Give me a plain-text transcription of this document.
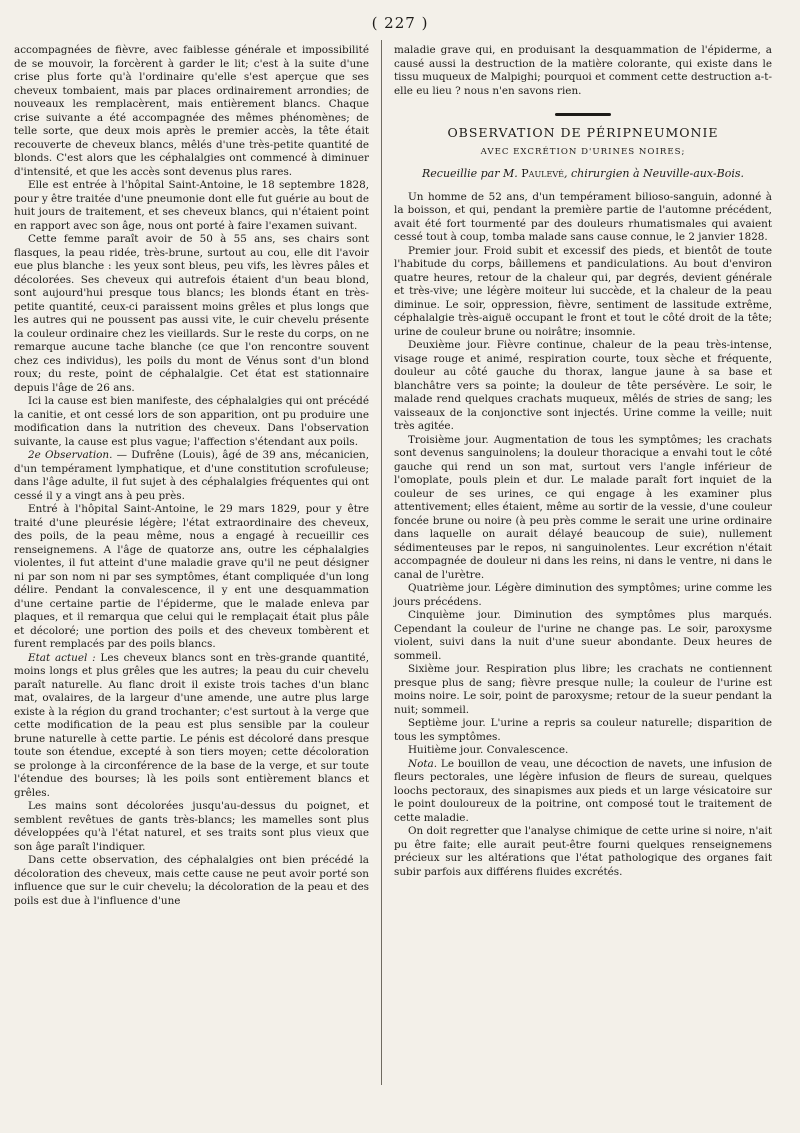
( 227 )

accompagnées de fièvre, avec faiblesse générale et impossibilité de se mouvoir, la forcèrent à garder le lit; c'est à la suite d'une crise plus forte qu'à l'ordinaire qu'elle s'est aperçue que ses cheveux tombaient, mais par places ordinairement arrondies; de nouveaux les remplacèrent, mais entièrement blancs. Chaque crise suivante a été accompagnée des mêmes phénomènes; de telle sorte, que deux mois après le premier accès, la tête était recouverte de cheveux blancs, mêlés d'une très-petite quantité de blonds. C'est alors que les céphalalgies ont commencé à diminuer d'intensité, et que les accès sont devenus plus rares.

Elle est entrée à l'hôpital Saint-Antoine, le 18 septembre 1828, pour y être traitée d'une pneumonie dont elle fut guérie au bout de huit jours de traitement, et ses cheveux blancs, qui n'étaient point en rapport avec son âge, nous ont porté à faire l'examen suivant.

Cette femme paraît avoir de 50 à 55 ans, ses chairs sont flasques, la peau ridée, très-brune, surtout au cou, elle dit l'avoir eue plus blanche : les yeux sont bleus, peu vifs, les lèvres pâles et décolorées. Ses cheveux qui autrefois étaient d'un beau blond, sont aujourd'hui presque tous blancs; les blonds étant en très-petite quantité, ceux-ci paraissent moins grêles et plus longs que les autres qui ne poussent pas aussi vite, le cuir chevelu présente la couleur ordinaire chez les vieillards. Sur le reste du corps, on ne remarque aucune tache blanche (ce que l'on rencontre souvent chez ces individus), les poils du mont de Vénus sont d'un blond roux; du reste, point de céphalalgie. Cet état est stationnaire depuis l'âge de 26 ans.

Ici la cause est bien manifeste, des céphalalgies qui ont précédé la canitie, et ont cessé lors de son apparition, ont pu produire une modification dans la nutrition des cheveux. Dans l'observation suivante, la cause est plus vague; l'affection s'étendant aux poils.

2e Observation. — Dufrêne (Louis), âgé de 39 ans, mécanicien, d'un tempérament lymphatique, et d'une constitution scrofuleuse; dans l'âge adulte, il fut sujet à des céphalalgies fréquentes qui ont cessé il y a vingt ans à peu près.

Entré à l'hôpital Saint-Antoine, le 29 mars 1829, pour y être traité d'une pleurésie légère; l'état extraordinaire des cheveux, des poils, de la peau même, nous a engagé à recueillir ces renseignemens. A l'âge de quatorze ans, outre les céphalalgies violentes, il fut atteint d'une maladie grave qu'il ne peut désigner ni par son nom ni par ses symptômes, étant compliquée d'un long délire. Pendant la convalescence, il y ent une desquammation d'une certaine partie de l'épiderme, que le malade enleva par plaques, et il remarqua que celui qui le remplaçait était plus pâle et décoloré; une portion des poils et des cheveux tombèrent et furent remplacés par des poils blancs.

Etat actuel : Les cheveux blancs sont en très-grande quantité, moins longs et plus grêles que les autres; la peau du cuir chevelu paraît naturelle. Au flanc droit il existe trois taches d'un blanc mat, ovalaires, de la largeur d'une amende, une autre plus large existe à la région du grand trochanter; c'est surtout à la verge que cette modification de la peau est plus sensible par la couleur brune naturelle à cette partie. Le pénis est décoloré dans presque toute son étendue, excepté à son tiers moyen; cette décoloration se prolonge à la circonférence de la base de la verge, et sur toute l'étendue des bourses; là les poils sont entièrement blancs et grêles.

Les mains sont décolorées jusqu'au-dessus du poignet, et semblent revêtues de gants très-blancs; les mamelles sont plus développées qu'à l'état naturel, et ses traits sont plus vieux que son âge paraît l'indiquer.

Dans cette observation, des céphalalgies ont bien précédé la décoloration des cheveux, mais cette cause ne peut avoir porté son influence que sur le cuir chevelu; la décoloration de la peau et des poils est due à l'influence d'une

maladie grave qui, en produisant la desquammation de l'épiderme, a causé aussi la destruction de la matière colorante, qui existe dans le tissu muqueux de Malpighi; pourquoi et comment cette destruction a-t-elle eu lieu ? nous n'en savons rien.

OBSERVATION DE PÉRIPNEUMONIE
AVEC EXCRÉTION D'URINES NOIRES;
Recueillie par M. Paulevé, chirurgien à Neuville-aux-Bois.

Un homme de 52 ans, d'un tempérament bilioso-sanguin, adonné à la boisson, et qui, pendant la première partie de l'automne précédent, avait été fort tourmenté par des douleurs rhumatismales qui avaient cessé tout à coup, tomba malade sans cause connue, le 2 janvier 1828.

Premier jour. Froid subit et excessif des pieds, et bientôt de toute l'habitude du corps, bâillemens et pandiculations. Au bout d'environ quatre heures, retour de la chaleur qui, par degrés, devient générale et très-vive; une légère moiteur lui succède, et la chaleur de la peau diminue. Le soir, oppression, fièvre, sentiment de lassitude extrême, céphalalgie très-aiguë occupant le front et tout le côté droit de la tête; urine de couleur brune ou noirâtre; insomnie.

Deuxième jour. Fièvre continue, chaleur de la peau très-intense, visage rouge et animé, respiration courte, toux sèche et fréquente, douleur au côté gauche du thorax, langue jaune à sa base et blanchâtre vers sa pointe; la douleur de tête persévère. Le soir, le malade rend quelques crachats muqueux, mêlés de stries de sang; les vaisseaux de la conjonctive sont injectés. Urine comme la veille; nuit très agitée.

Troisième jour. Augmentation de tous les symptômes; les crachats sont devenus sanguinolens; la douleur thoracique a envahi tout le côté gauche qui rend un son mat, surtout vers l'angle inférieur de l'omoplate, pouls plein et dur. Le malade paraît fort inquiet de la couleur de ses urines, ce qui engage à les examiner plus attentivement; elles étaient, même au sortir de la vessie, d'une couleur foncée brune ou noire (à peu près comme le serait une urine ordinaire dans laquelle on aurait délayé beaucoup de suie), nullement sédimenteuses par le repos, ni sanguinolentes. Leur excrétion n'était accompagnée de douleur ni dans les reins, ni dans le ventre, ni dans le canal de l'urètre.

Quatrième jour. Légère diminution des symptômes; urine comme les jours précédens.

Cinquième jour. Diminution des symptômes plus marqués. Cependant la couleur de l'urine ne change pas. Le soir, paroxysme violent, suivi dans la nuit d'une sueur abondante. Deux heures de sommeil.

Sixième jour. Respiration plus libre; les crachats ne contiennent presque plus de sang; fièvre presque nulle; la couleur de l'urine est moins noire. Le soir, point de paroxysme; retour de la sueur pendant la nuit; sommeil.

Septième jour. L'urine a repris sa couleur naturelle; disparition de tous les symptômes.

Huitième jour. Convalescence.

Nota. Le bouillon de veau, une décoction de navets, une infusion de fleurs pectorales, une légère infusion de fleurs de sureau, quelques loochs pectoraux, des sinapismes aux pieds et un large vésicatoire sur le point douloureux de la poitrine, ont composé tout le traitement de cette maladie.

On doit regretter que l'analyse chimique de cette urine si noire, n'ait pu être faite; elle aurait peut-être fourni quelques renseignemens précieux sur les altérations que l'état pathologique des organes fait subir parfois aux différens fluides excrétés.
